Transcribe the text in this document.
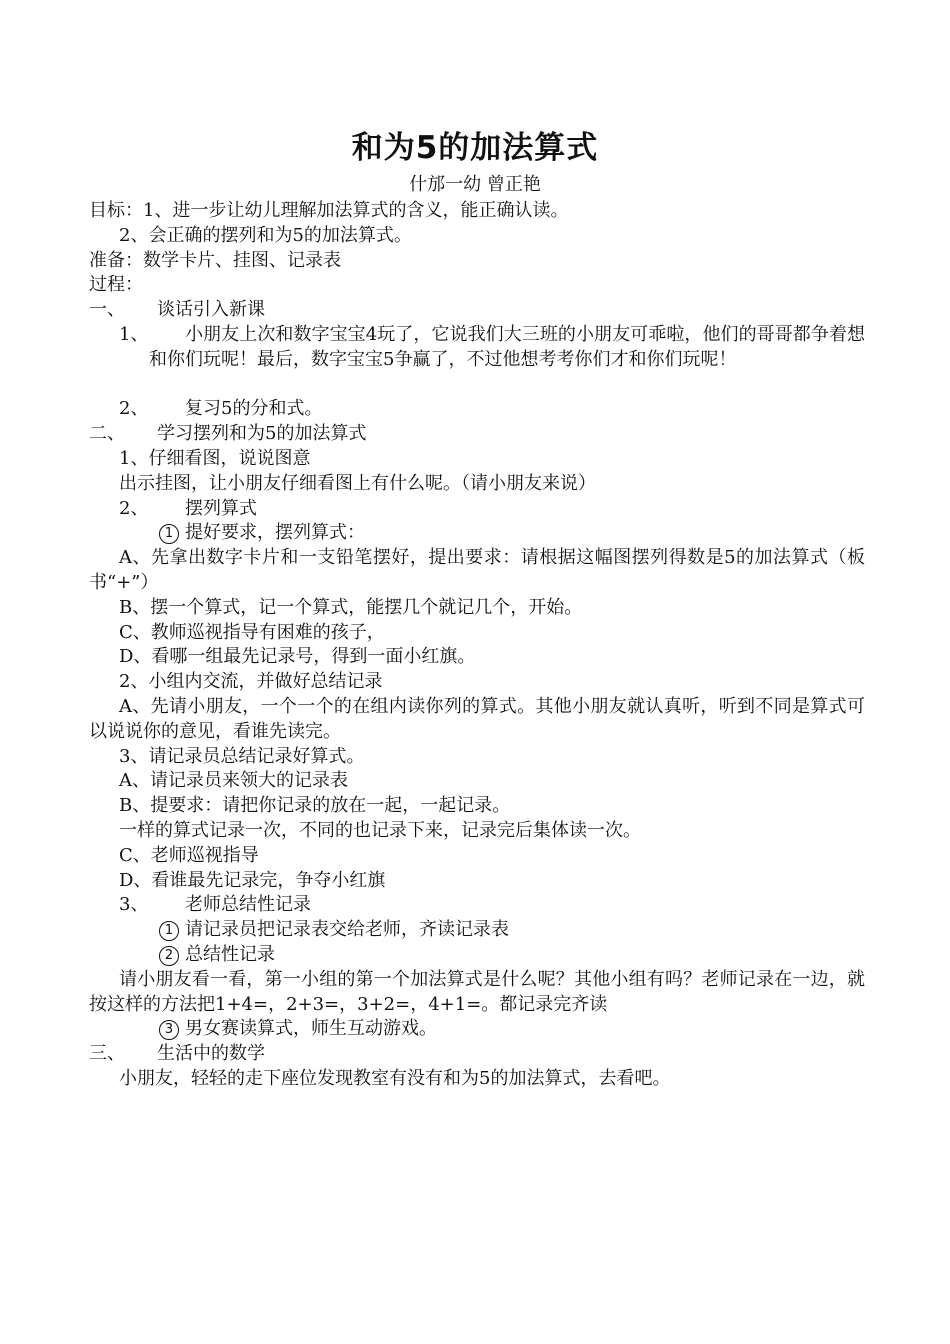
和为5的加法算式
什邡一幼 曾正艳
目标：1、进一步让幼儿理解加法算式的含义，能正确认读。
2、会正确的摆列和为5的加法算式。
准备：数学卡片、挂图、记录表
过程：
一、 谈话引入新课
1、 小朋友上次和数字宝宝4玩了，它说我们大三班的小朋友可乖啦，他们的哥哥都争着想和你们玩呢！最后，数字宝宝5争赢了，不过他想考考你们才和你们玩呢！
2、 复习5的分和式。
二、 学习摆列和为5的加法算式
1、仔细看图，说说图意
出示挂图，让小朋友仔细看图上有什么呢。（请小朋友来说）
2、 摆列算式
1 提好要求，摆列算式：
A、先拿出数字卡片和一支铅笔摆好，提出要求：请根据这幅图摆列得数是5的加法算式（板书“+”）
B、摆一个算式，记一个算式，能摆几个就记几个，开始。
C、教师巡视指导有困难的孩子，
D、看哪一组最先记录号，得到一面小红旗。
2、小组内交流，并做好总结记录
A、先请小朋友，一个一个的在组内读你列的算式。其他小朋友就认真听，听到不同是算式可以说说你的意见，看谁先读完。
3、请记录员总结记录好算式。
A、请记录员来领大的记录表
B、提要求：请把你记录的放在一起，一起记录。
一样的算式记录一次，不同的也记录下来，记录完后集体读一次。
C、老师巡视指导
D、看谁最先记录完，争夺小红旗
3、 老师总结性记录
1 请记录员把记录表交给老师，齐读记录表
2 总结性记录
请小朋友看一看，第一小组的第一个加法算式是什么呢？其他小组有吗？老师记录在一边，就按这样的方法把1+4=，2+3=，3+2=，4+1=。都记录完齐读
3 男女赛读算式，师生互动游戏。
三、 生活中的数学
小朋友，轻轻的走下座位发现教室有没有和为5的加法算式，去看吧。
